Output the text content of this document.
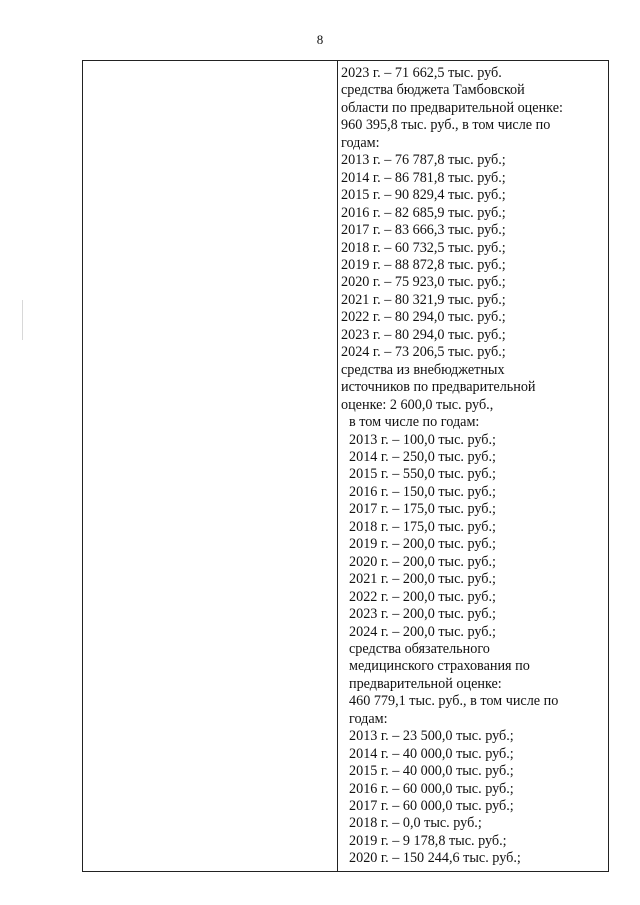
8
2023 г. – 71 662,5 тыс. руб.
средства бюджета Тамбовской
области по предварительной оценке:
960 395,8 тыс. руб., в том числе по
годам:
2013 г. – 76 787,8 тыс. руб.;
2014 г. – 86 781,8 тыс. руб.;
2015 г. – 90 829,4 тыс. руб.;
2016 г. – 82 685,9 тыс. руб.;
2017 г. – 83 666,3 тыс. руб.;
2018 г. – 60 732,5 тыс. руб.;
2019 г. – 88 872,8 тыс. руб.;
2020 г. – 75 923,0 тыс. руб.;
2021 г. – 80 321,9 тыс. руб.;
2022 г. – 80 294,0 тыс. руб.;
2023 г. – 80 294,0 тыс. руб.;
2024 г. – 73 206,5 тыс. руб.;
средства из внебюджетных
источников по предварительной
оценке: 2 600,0 тыс. руб.,
в том числе по годам:
2013 г. – 100,0 тыс. руб.;
2014 г. – 250,0 тыс. руб.;
2015 г. – 550,0 тыс. руб.;
2016 г. – 150,0 тыс. руб.;
2017 г. – 175,0 тыс. руб.;
2018 г. – 175,0 тыс. руб.;
2019 г. – 200,0 тыс. руб.;
2020 г. – 200,0 тыс. руб.;
2021 г. – 200,0 тыс. руб.;
2022 г. – 200,0 тыс. руб.;
2023 г. – 200,0 тыс. руб.;
2024 г. – 200,0 тыс. руб.;
средства обязательного
медицинского страхования по
предварительной оценке:
460 779,1 тыс. руб., в том числе по
годам:
2013 г. – 23 500,0 тыс. руб.;
2014 г. – 40 000,0 тыс. руб.;
2015 г. – 40 000,0 тыс. руб.;
2016 г. – 60 000,0 тыс. руб.;
2017 г. – 60 000,0 тыс. руб.;
2018 г. – 0,0 тыс. руб.;
2019 г. – 9 178,8 тыс. руб.;
2020 г. – 150 244,6 тыс. руб.;
